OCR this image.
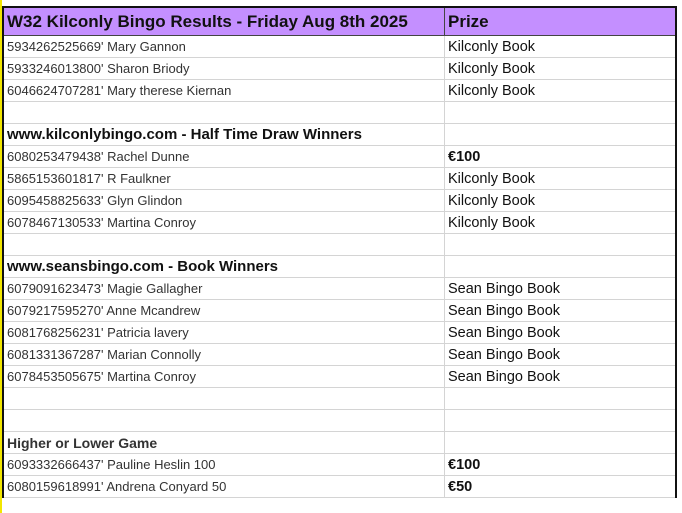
W32 Kilconly Bingo Results - Friday Aug 8th 2025	Prize
5934262525669' Mary Gannon	Kilconly Book
5933246013800' Sharon Briody	Kilconly Book
6046624707281' Mary therese Kiernan	Kilconly Book
www.kilconlybingo.com - Half Time Draw Winners
6080253479438' Rachel Dunne	€100
5865153601817' R Faulkner	Kilconly Book
6095458825633' Glyn Glindon	Kilconly Book
6078467130533' Martina Conroy	Kilconly Book
www.seansbingo.com - Book Winners
6079091623473' Magie Gallagher	Sean Bingo Book
6079217595270' Anne Mcandrew	Sean Bingo Book
6081768256231' Patricia lavery	Sean Bingo Book
6081331367287' Marian Connolly	Sean Bingo Book
6078453505675' Martina Conroy	Sean Bingo Book
Higher or Lower Game
6093332666437' Pauline Heslin 100	€100
6080159618991' Andrena Conyard 50	€50
